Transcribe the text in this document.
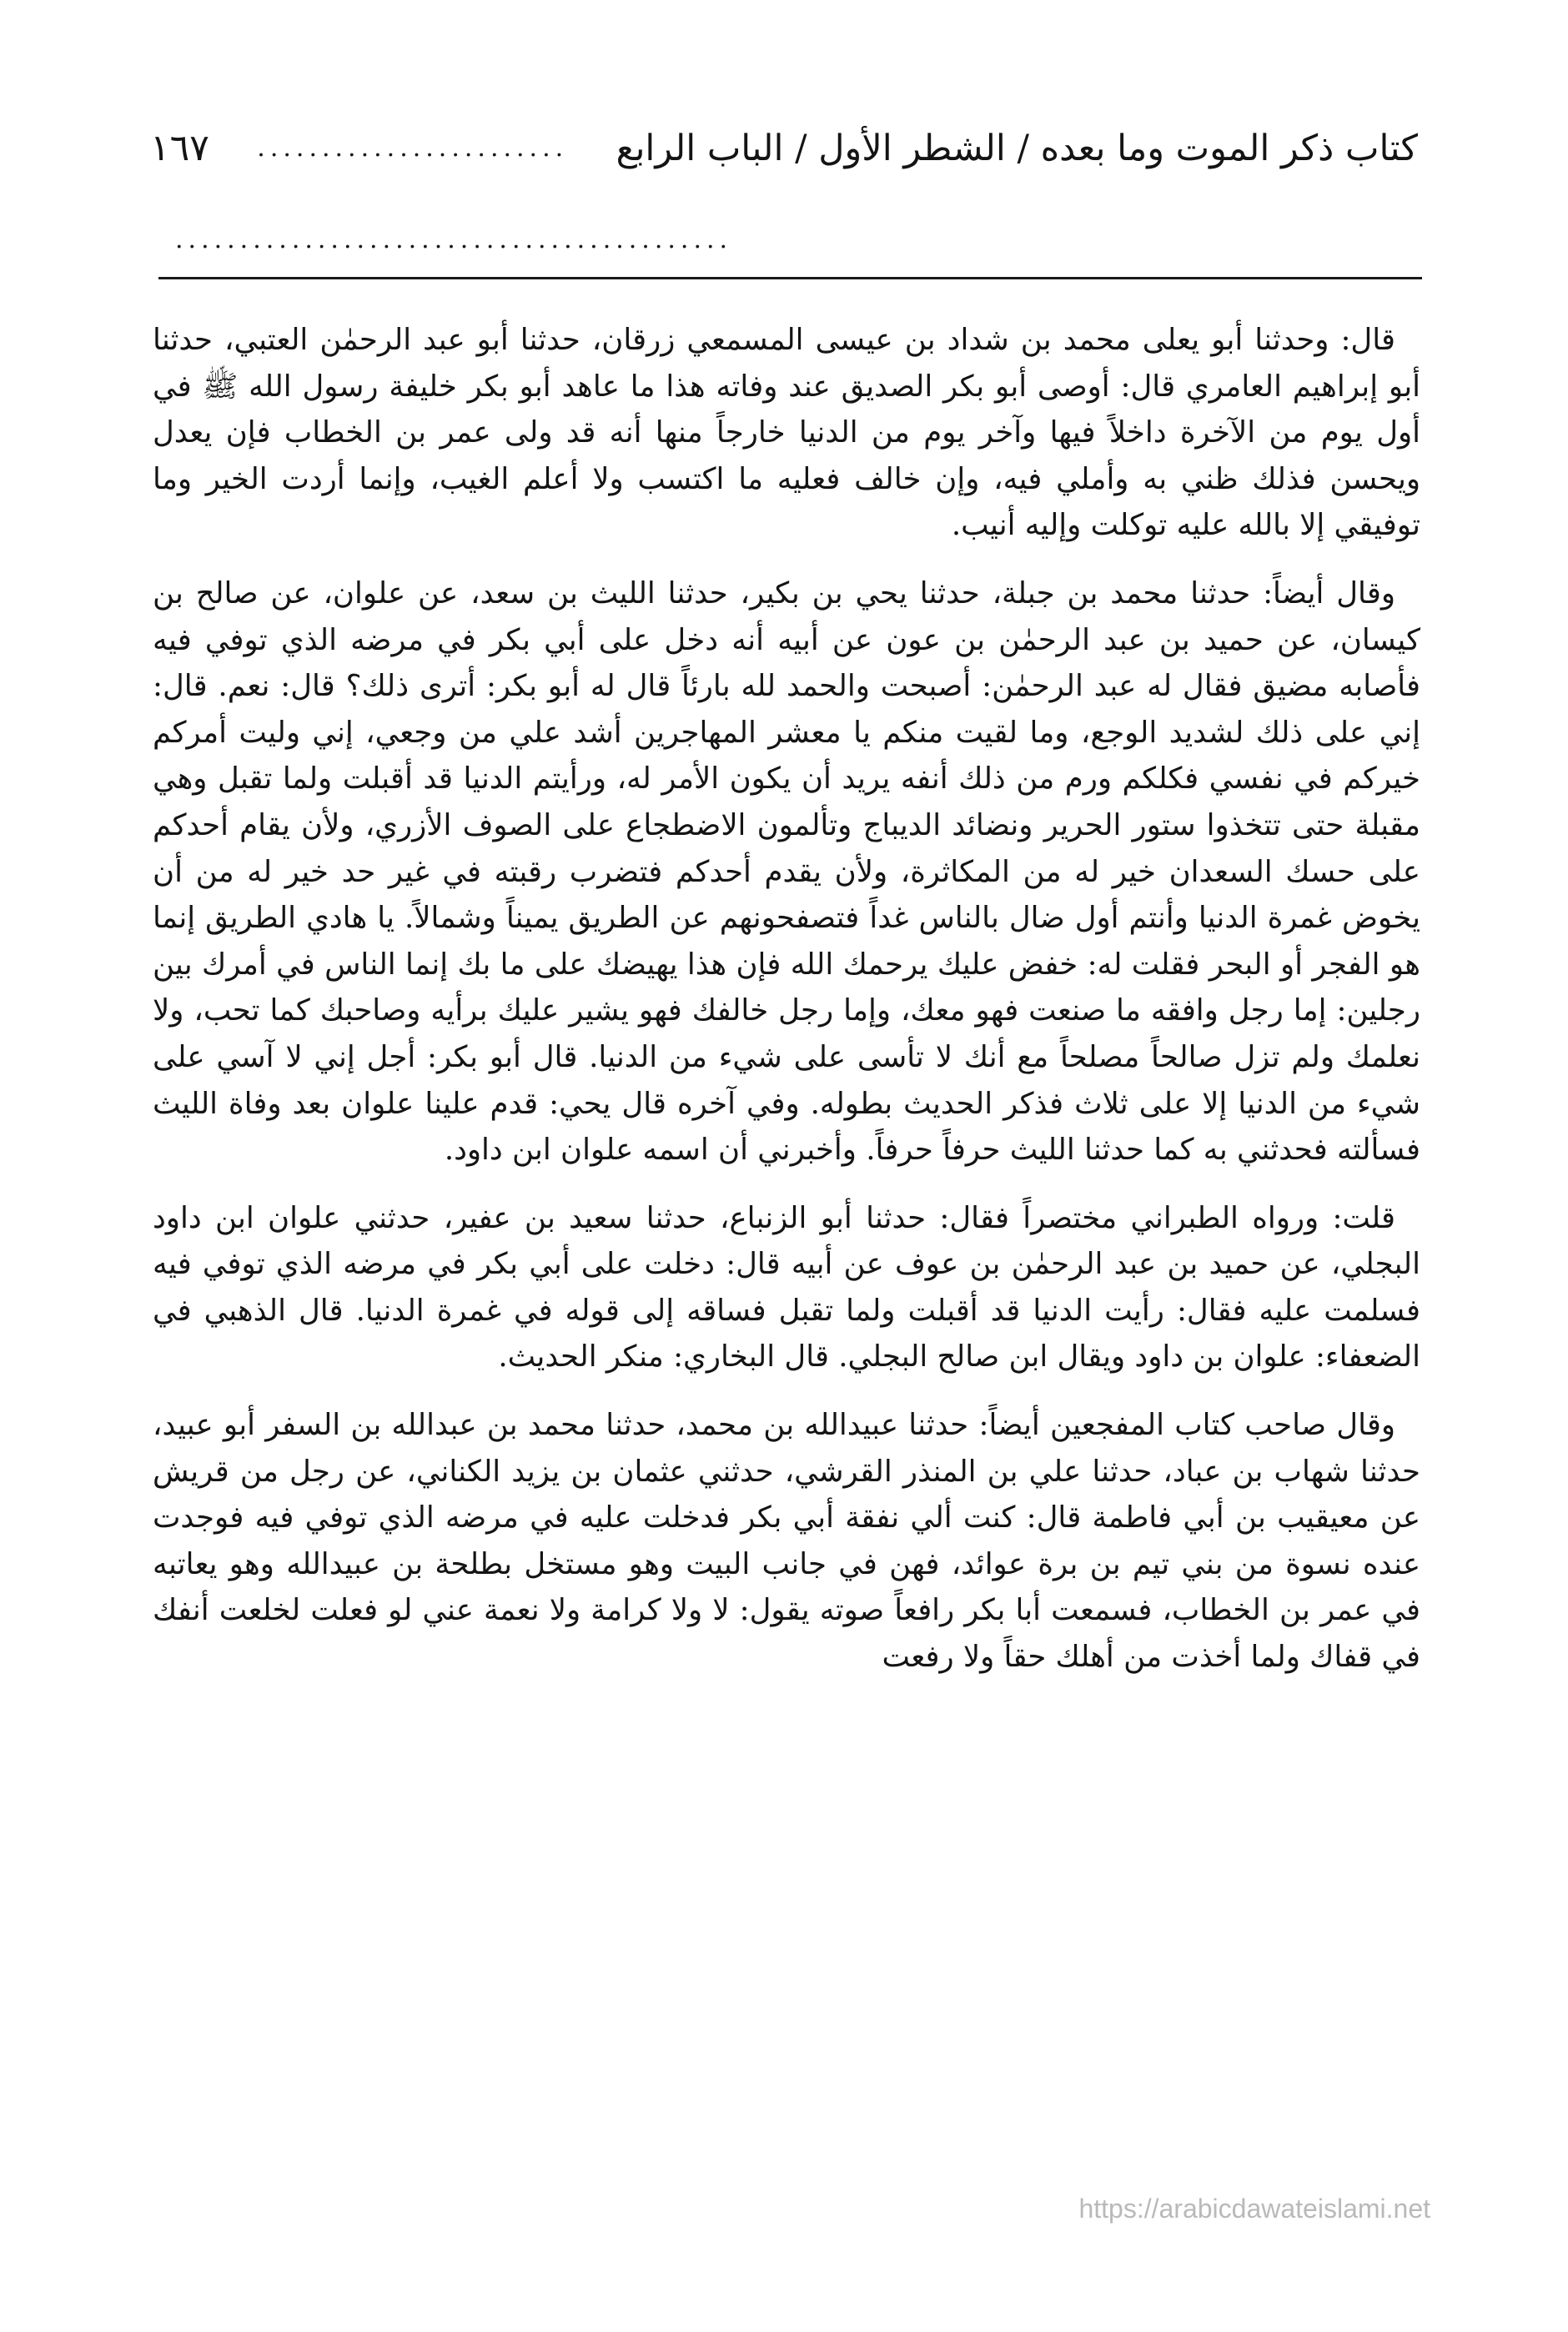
كتاب ذكر الموت وما بعده / الشطر الأول / الباب الرابع
........................
١٦٧
...........................................

قال: وحدثنا أبو يعلى محمد بن شداد بن عيسى المسمعي زرقان، حدثنا أبو عبد الرحمٰن العتبي، حدثنا أبو إبراهيم العامري قال: أوصى أبو بكر الصديق عند وفاته هذا ما عاهد أبو بكر خليفة رسول الله ﷺ في أول يوم من الآخرة داخلاً فيها وآخر يوم من الدنيا خارجاً منها أنه قد ولى عمر بن الخطاب فإن يعدل ويحسن فذلك ظني به وأملي فيه، وإن خالف فعليه ما اكتسب ولا أعلم الغيب، وإنما أردت الخير وما توفيقي إلا بالله عليه توكلت وإليه أنيب.

وقال أيضاً: حدثنا محمد بن جبلة، حدثنا يحي بن بكير، حدثنا الليث بن سعد، عن علوان، عن صالح بن كيسان، عن حميد بن عبد الرحمٰن بن عون عن أبيه أنه دخل على أبي بكر في مرضه الذي توفي فيه فأصابه مضيق فقال له عبد الرحمٰن: أصبحت والحمد لله بارئاً قال له أبو بكر: أترى ذلك؟ قال: نعم. قال: إني على ذلك لشديد الوجع، وما لقيت منكم يا معشر المهاجرين أشد علي من وجعي، إني وليت أمركم خيركم في نفسي فكلكم ورم من ذلك أنفه يريد أن يكون الأمر له، ورأيتم الدنيا قد أقبلت ولما تقبل وهي مقبلة حتى تتخذوا ستور الحرير ونضائد الديباج وتألمون الاضطجاع على الصوف الأزري، ولأن يقام أحدكم على حسك السعدان خير له من المكاثرة، ولأن يقدم أحدكم فتضرب رقبته في غير حد خير له من أن يخوض غمرة الدنيا وأنتم أول ضال بالناس غداً فتصفحونهم عن الطريق يميناً وشمالاً. يا هادي الطريق إنما هو الفجر أو البحر فقلت له: خفض عليك يرحمك الله فإن هذا يهيضك على ما بك إنما الناس في أمرك بين رجلين: إما رجل وافقه ما صنعت فهو معك، وإما رجل خالفك فهو يشير عليك برأيه وصاحبك كما تحب، ولا نعلمك ولم تزل صالحاً مصلحاً مع أنك لا تأسى على شيء من الدنيا. قال أبو بكر: أجل إني لا آسي على شيء من الدنيا إلا على ثلاث فذكر الحديث بطوله. وفي آخره قال يحي: قدم علينا علوان بعد وفاة الليث فسألته فحدثني به كما حدثنا الليث حرفاً حرفاً. وأخبرني أن اسمه علوان ابن داود.

قلت: ورواه الطبراني مختصراً فقال: حدثنا أبو الزنباع، حدثنا سعيد بن عفير، حدثني علوان ابن داود البجلي، عن حميد بن عبد الرحمٰن بن عوف عن أبيه قال: دخلت على أبي بكر في مرضه الذي توفي فيه فسلمت عليه فقال: رأيت الدنيا قد أقبلت ولما تقبل فساقه إلى قوله في غمرة الدنيا. قال الذهبي في الضعفاء: علوان بن داود ويقال ابن صالح البجلي. قال البخاري: منكر الحديث.

وقال صاحب كتاب المفجعين أيضاً: حدثنا عبيدالله بن محمد، حدثنا محمد بن عبدالله بن السفر أبو عبيد، حدثنا شهاب بن عباد، حدثنا علي بن المنذر القرشي، حدثني عثمان بن يزيد الكناني، عن رجل من قريش عن معيقيب بن أبي فاطمة قال: كنت ألي نفقة أبي بكر فدخلت عليه في مرضه الذي توفي فيه فوجدت عنده نسوة من بني تيم بن برة عوائد، فهن في جانب البيت وهو مستخل بطلحة بن عبيدالله وهو يعاتبه في عمر بن الخطاب، فسمعت أبا بكر رافعاً صوته يقول: لا ولا كرامة ولا نعمة عني لو فعلت لخلعت أنفك في قفاك ولما أخذت من أهلك حقاً ولا رفعت

https://arabicdawateislami.net
